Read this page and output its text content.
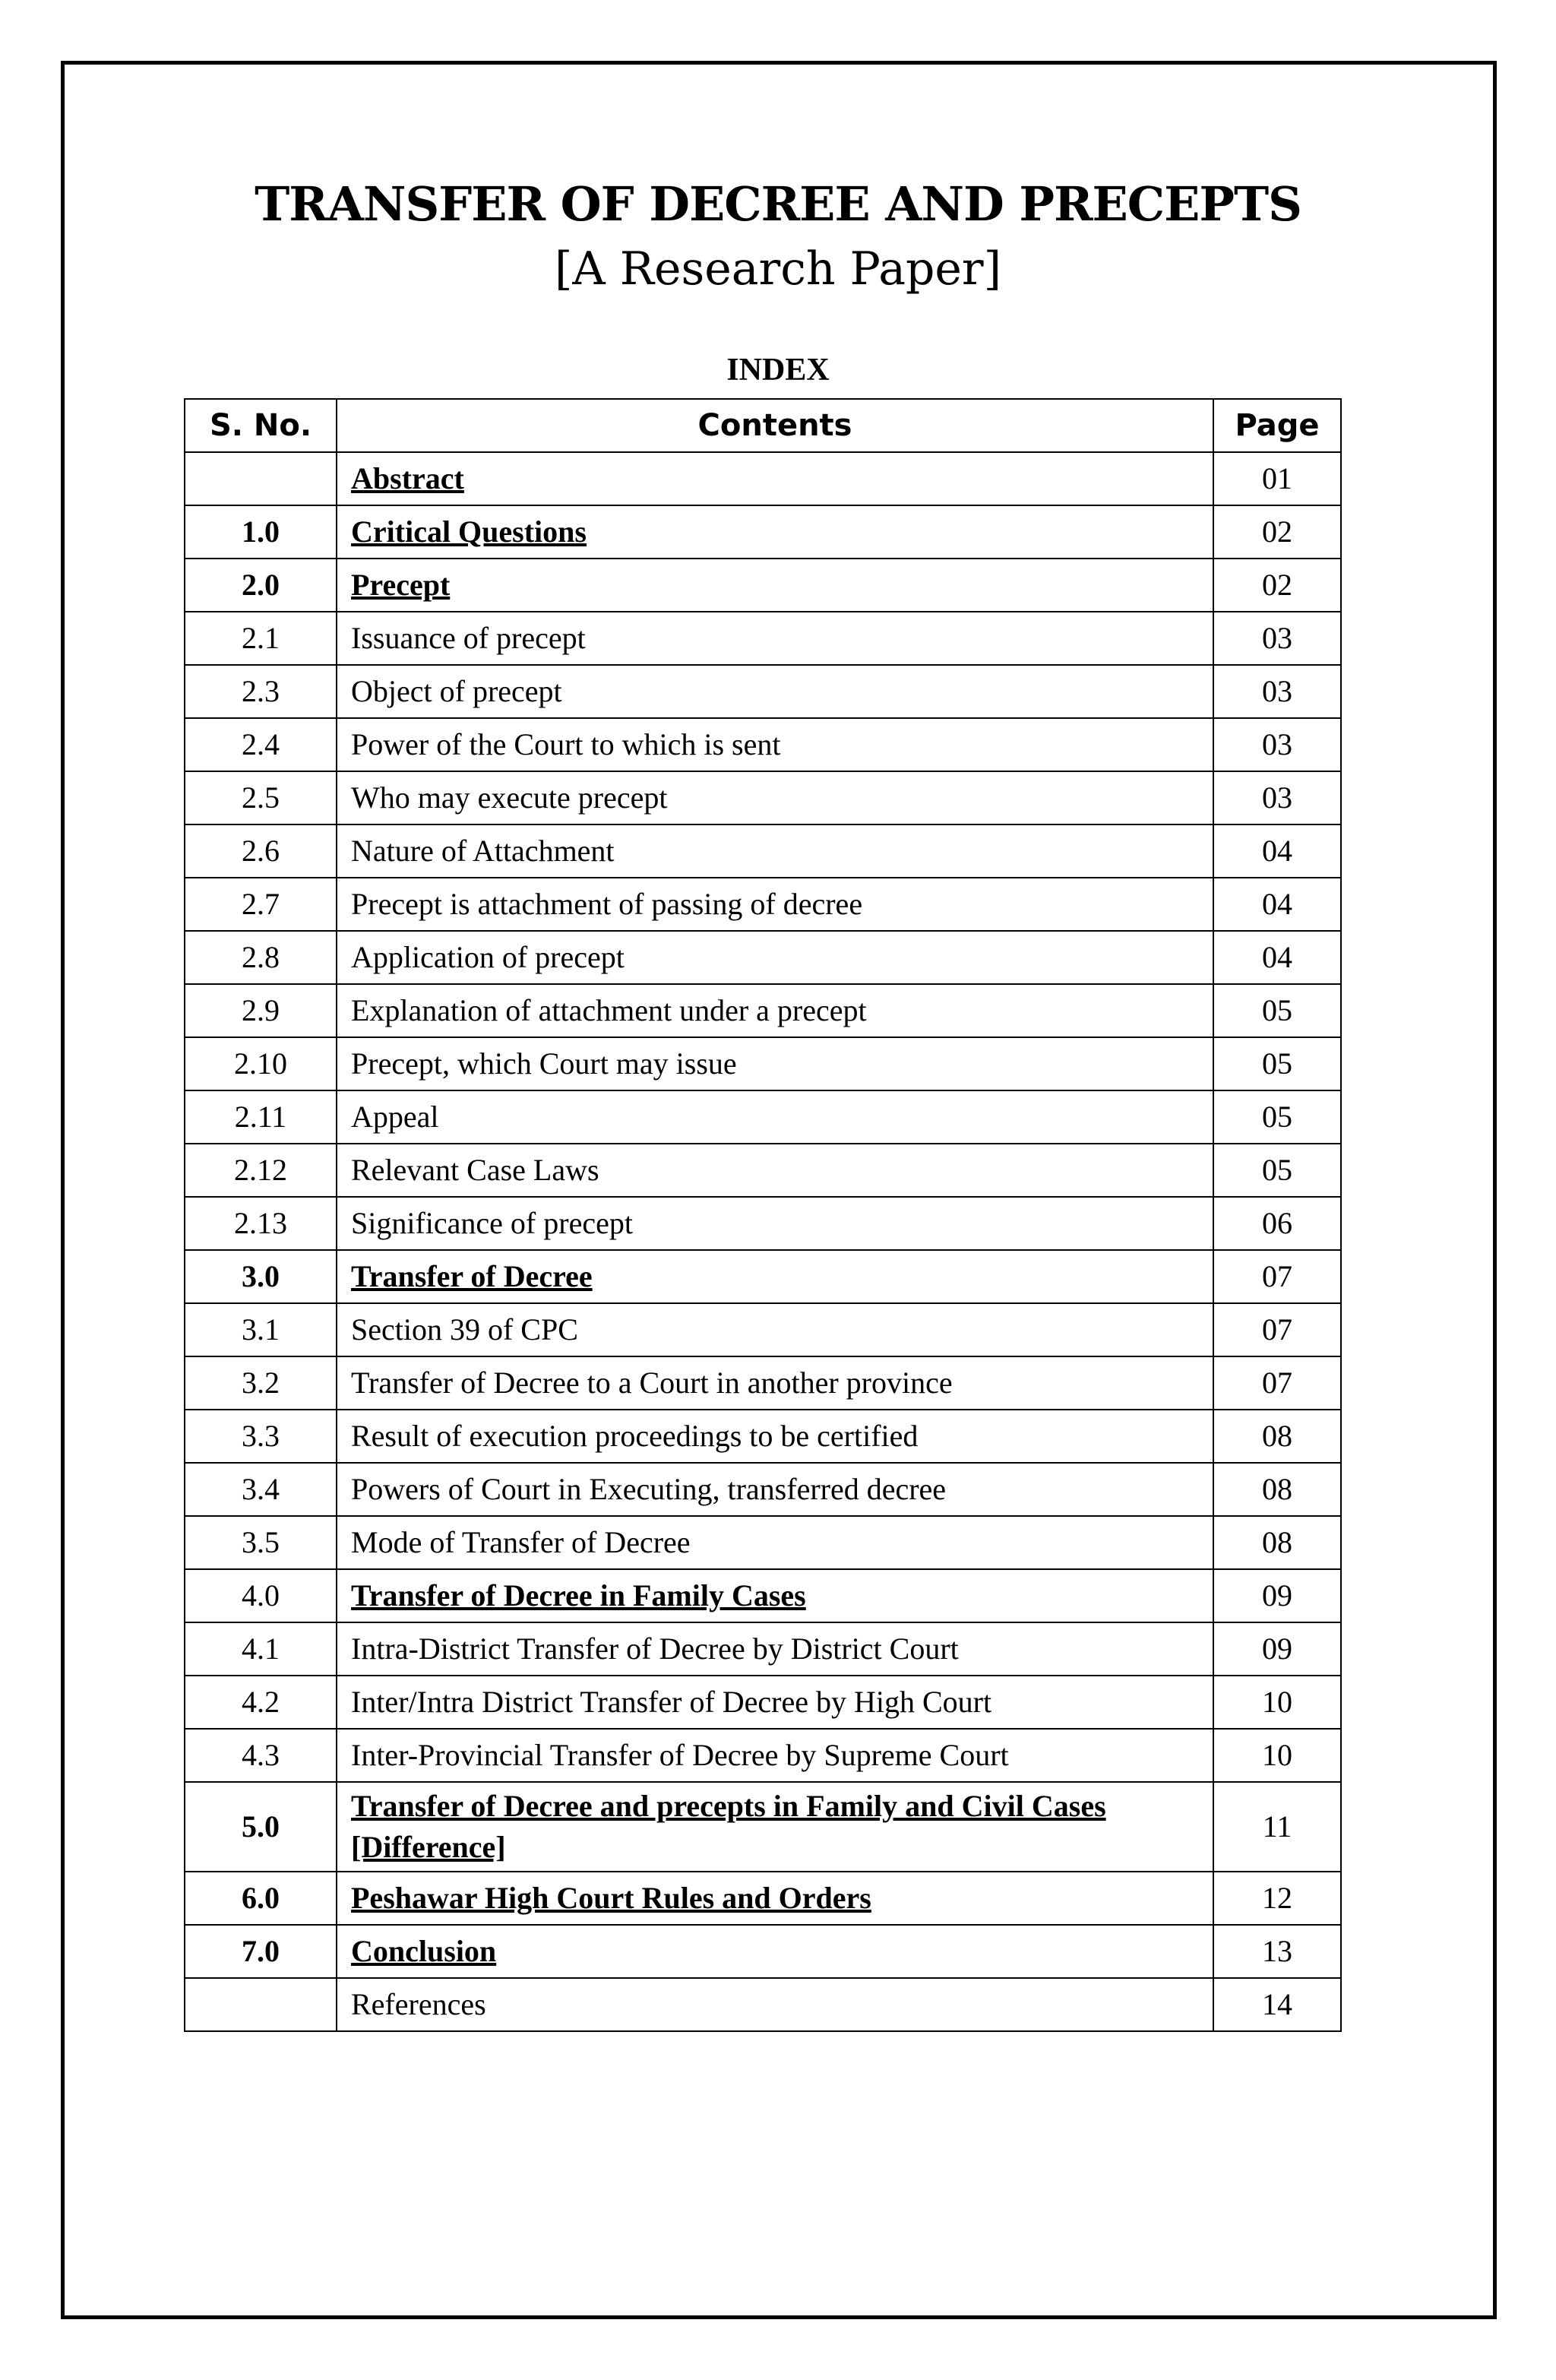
TRANSFER OF DECREE AND PRECEPTS
[A Research Paper]
INDEX
S. No.	Contents	Page
	Abstract	01
1.0	Critical Questions	02
2.0	Precept	02
2.1	Issuance of precept	03
2.3	Object of precept	03
2.4	Power of the Court to which is sent	03
2.5	Who may execute precept	03
2.6	Nature of Attachment	04
2.7	Precept is attachment of passing of decree	04
2.8	Application of precept	04
2.9	Explanation of attachment under a precept	05
2.10	Precept, which Court may issue	05
2.11	Appeal	05
2.12	Relevant Case Laws	05
2.13	Significance of precept	06
3.0	Transfer of Decree	07
3.1	Section 39 of CPC	07
3.2	Transfer of Decree to a Court in another province	07
3.3	Result of execution proceedings to be certified	08
3.4	Powers of Court in Executing, transferred decree	08
3.5	Mode of Transfer of Decree	08
4.0	Transfer of Decree in Family Cases	09
4.1	Intra-District Transfer of Decree by District Court	09
4.2	Inter/Intra District Transfer of Decree by High Court	10
4.3	Inter-Provincial Transfer of Decree by Supreme Court	10
5.0	Transfer of Decree and precepts in Family and Civil Cases [Difference]	11
6.0	Peshawar High Court Rules and Orders	12
7.0	Conclusion	13
	References	14
